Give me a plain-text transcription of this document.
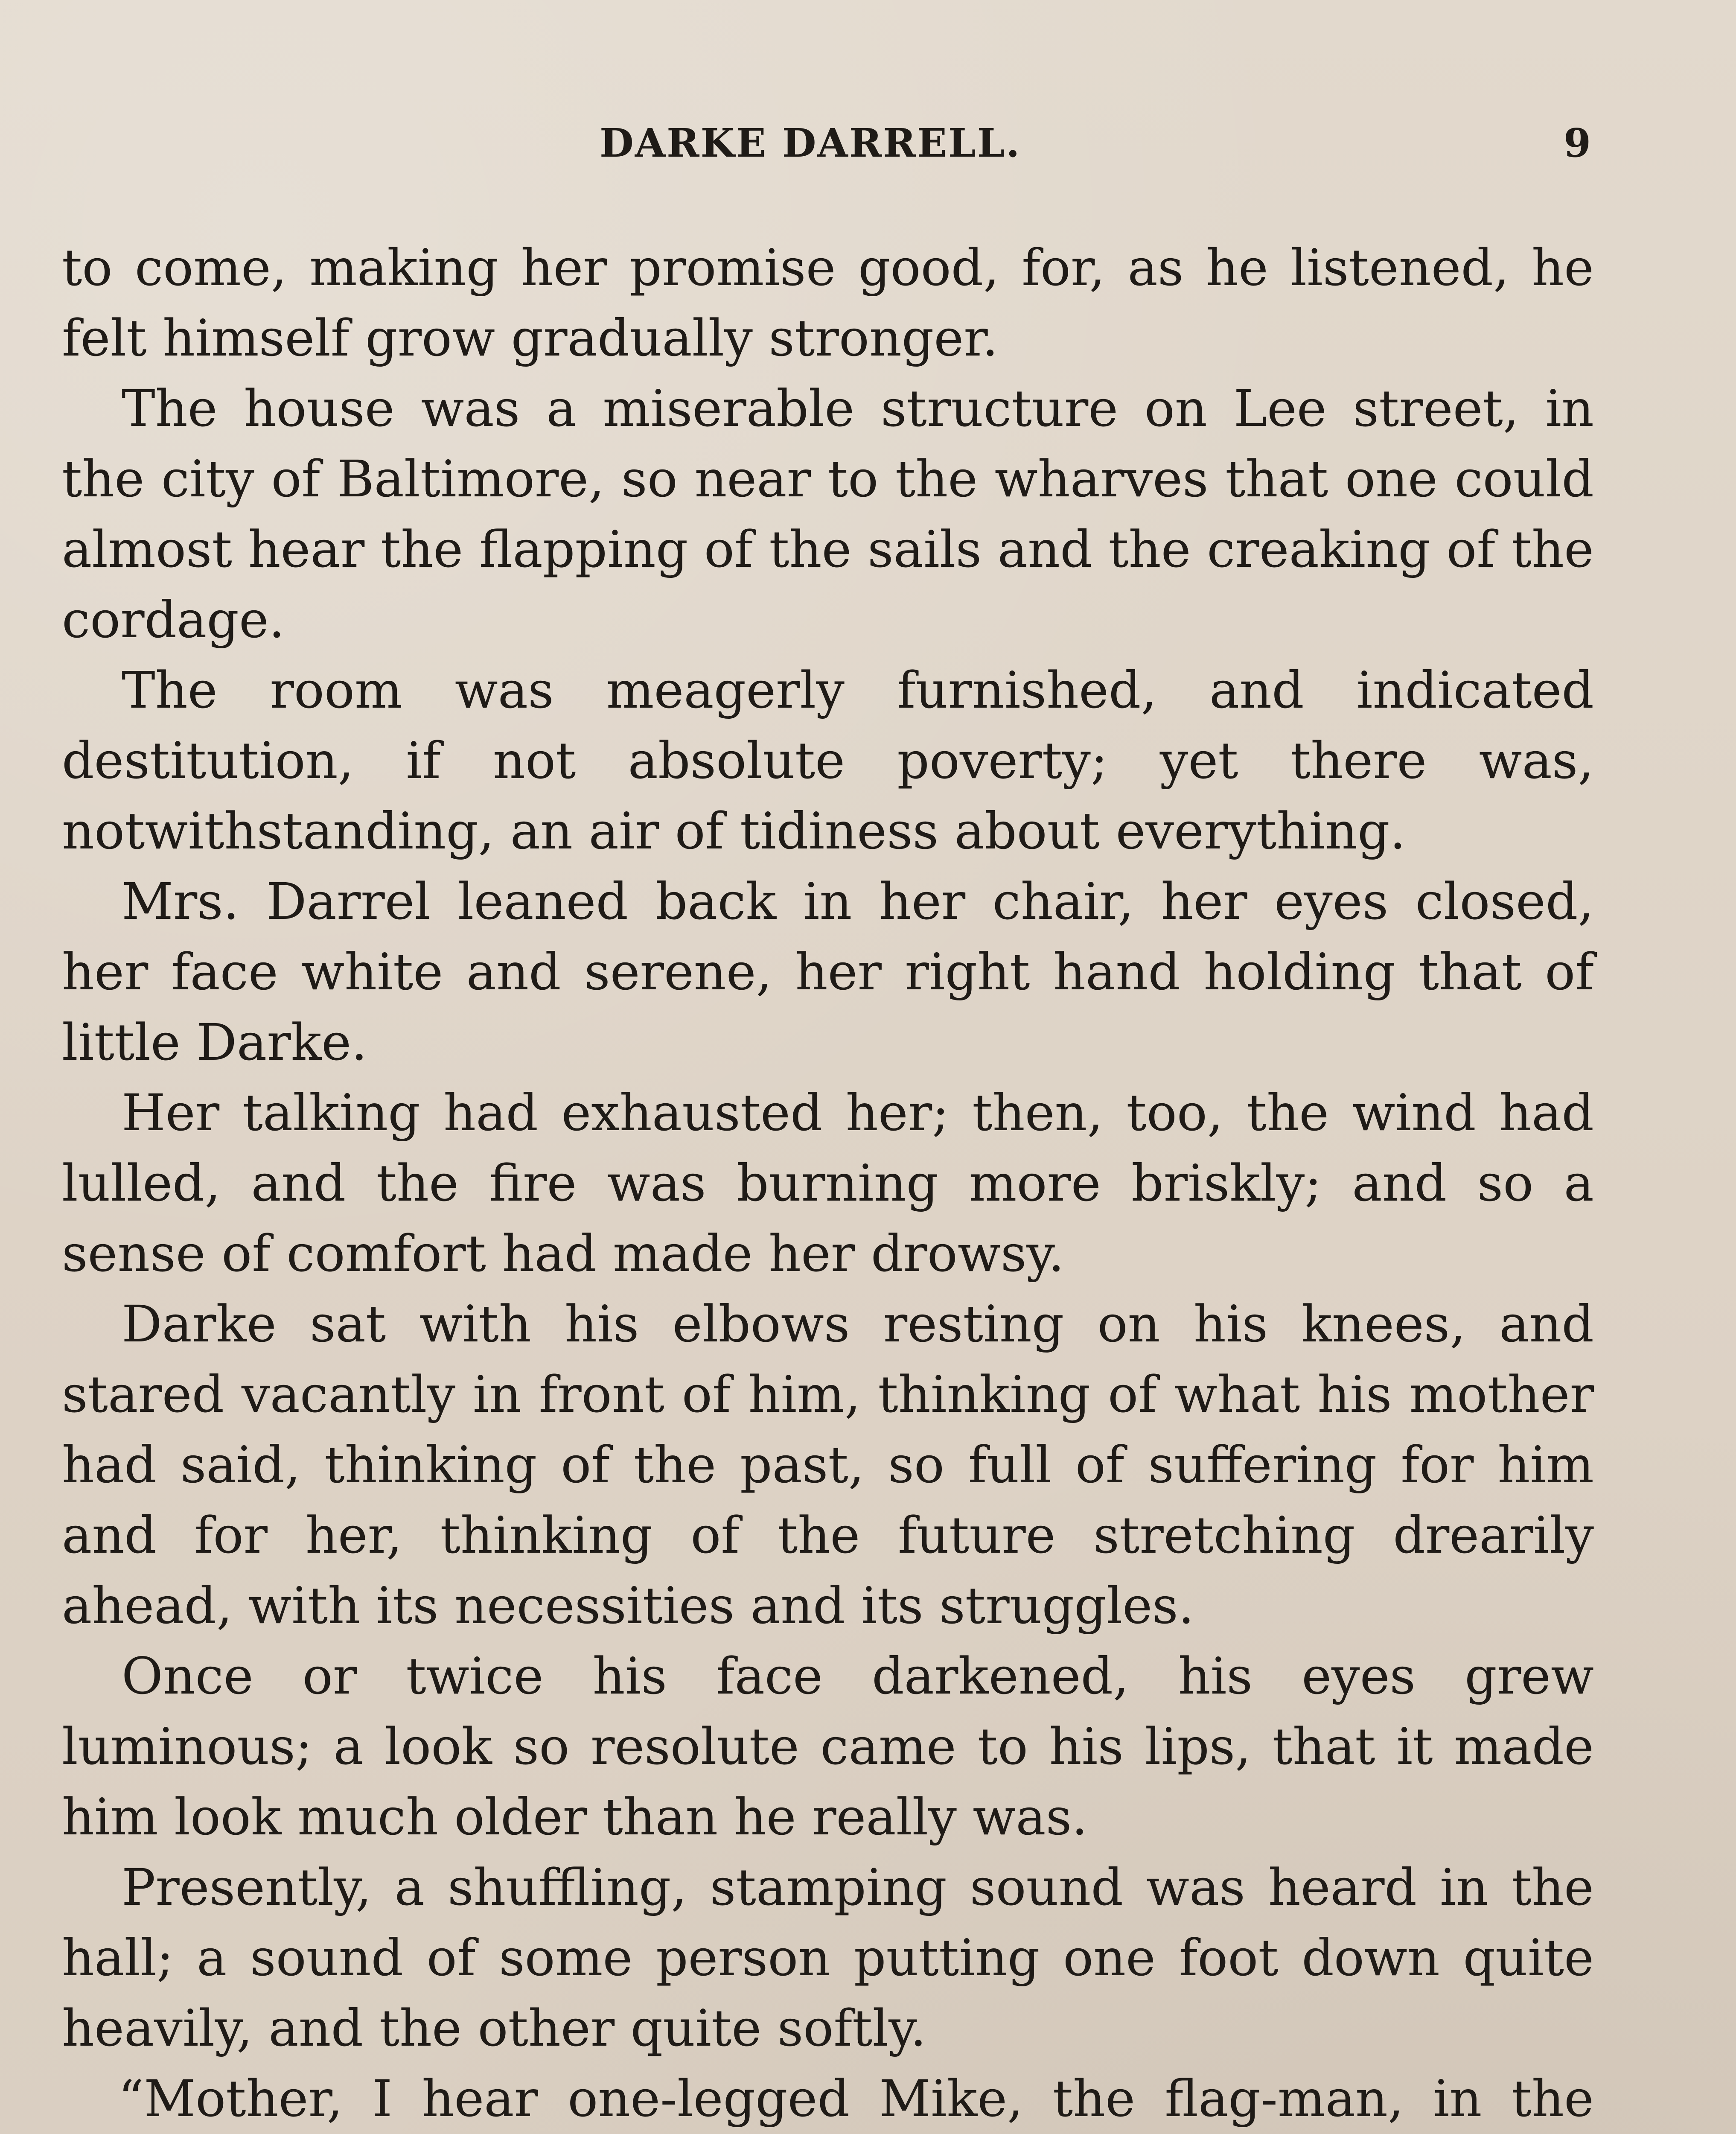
DARKE DARRELL.	9

to come, making her promise good, for, as he listened, he felt himself grow gradually stronger.

The house was a miserable structure on Lee street, in the city of Baltimore, so near to the wharves that one could almost hear the flapping of the sails and the creaking of the cordage.

The room was meagerly furnished, and indicated destitution, if not absolute poverty; yet there was, notwithstanding, an air of tidiness about everything.

Mrs. Darrel leaned back in her chair, her eyes closed, her face white and serene, her right hand holding that of little Darke.

Her talking had exhausted her; then, too, the wind had lulled, and the fire was burning more briskly; and so a sense of comfort had made her drowsy.

Darke sat with his elbows resting on his knees, and stared vacantly in front of him, thinking of what his mother had said, thinking of the past, so full of suffering for him and for her, thinking of the future stretching drearily ahead, with its necessities and its struggles.

Once or twice his face darkened, his eyes grew luminous; a look so resolute came to his lips, that it made him look much older than he really was.

Presently, a shuffling, stamping sound was heard in the hall; a sound of some person putting one foot down quite heavily, and the other quite softly.

“Mother, I hear one-legged Mike, the flag-man, in the
